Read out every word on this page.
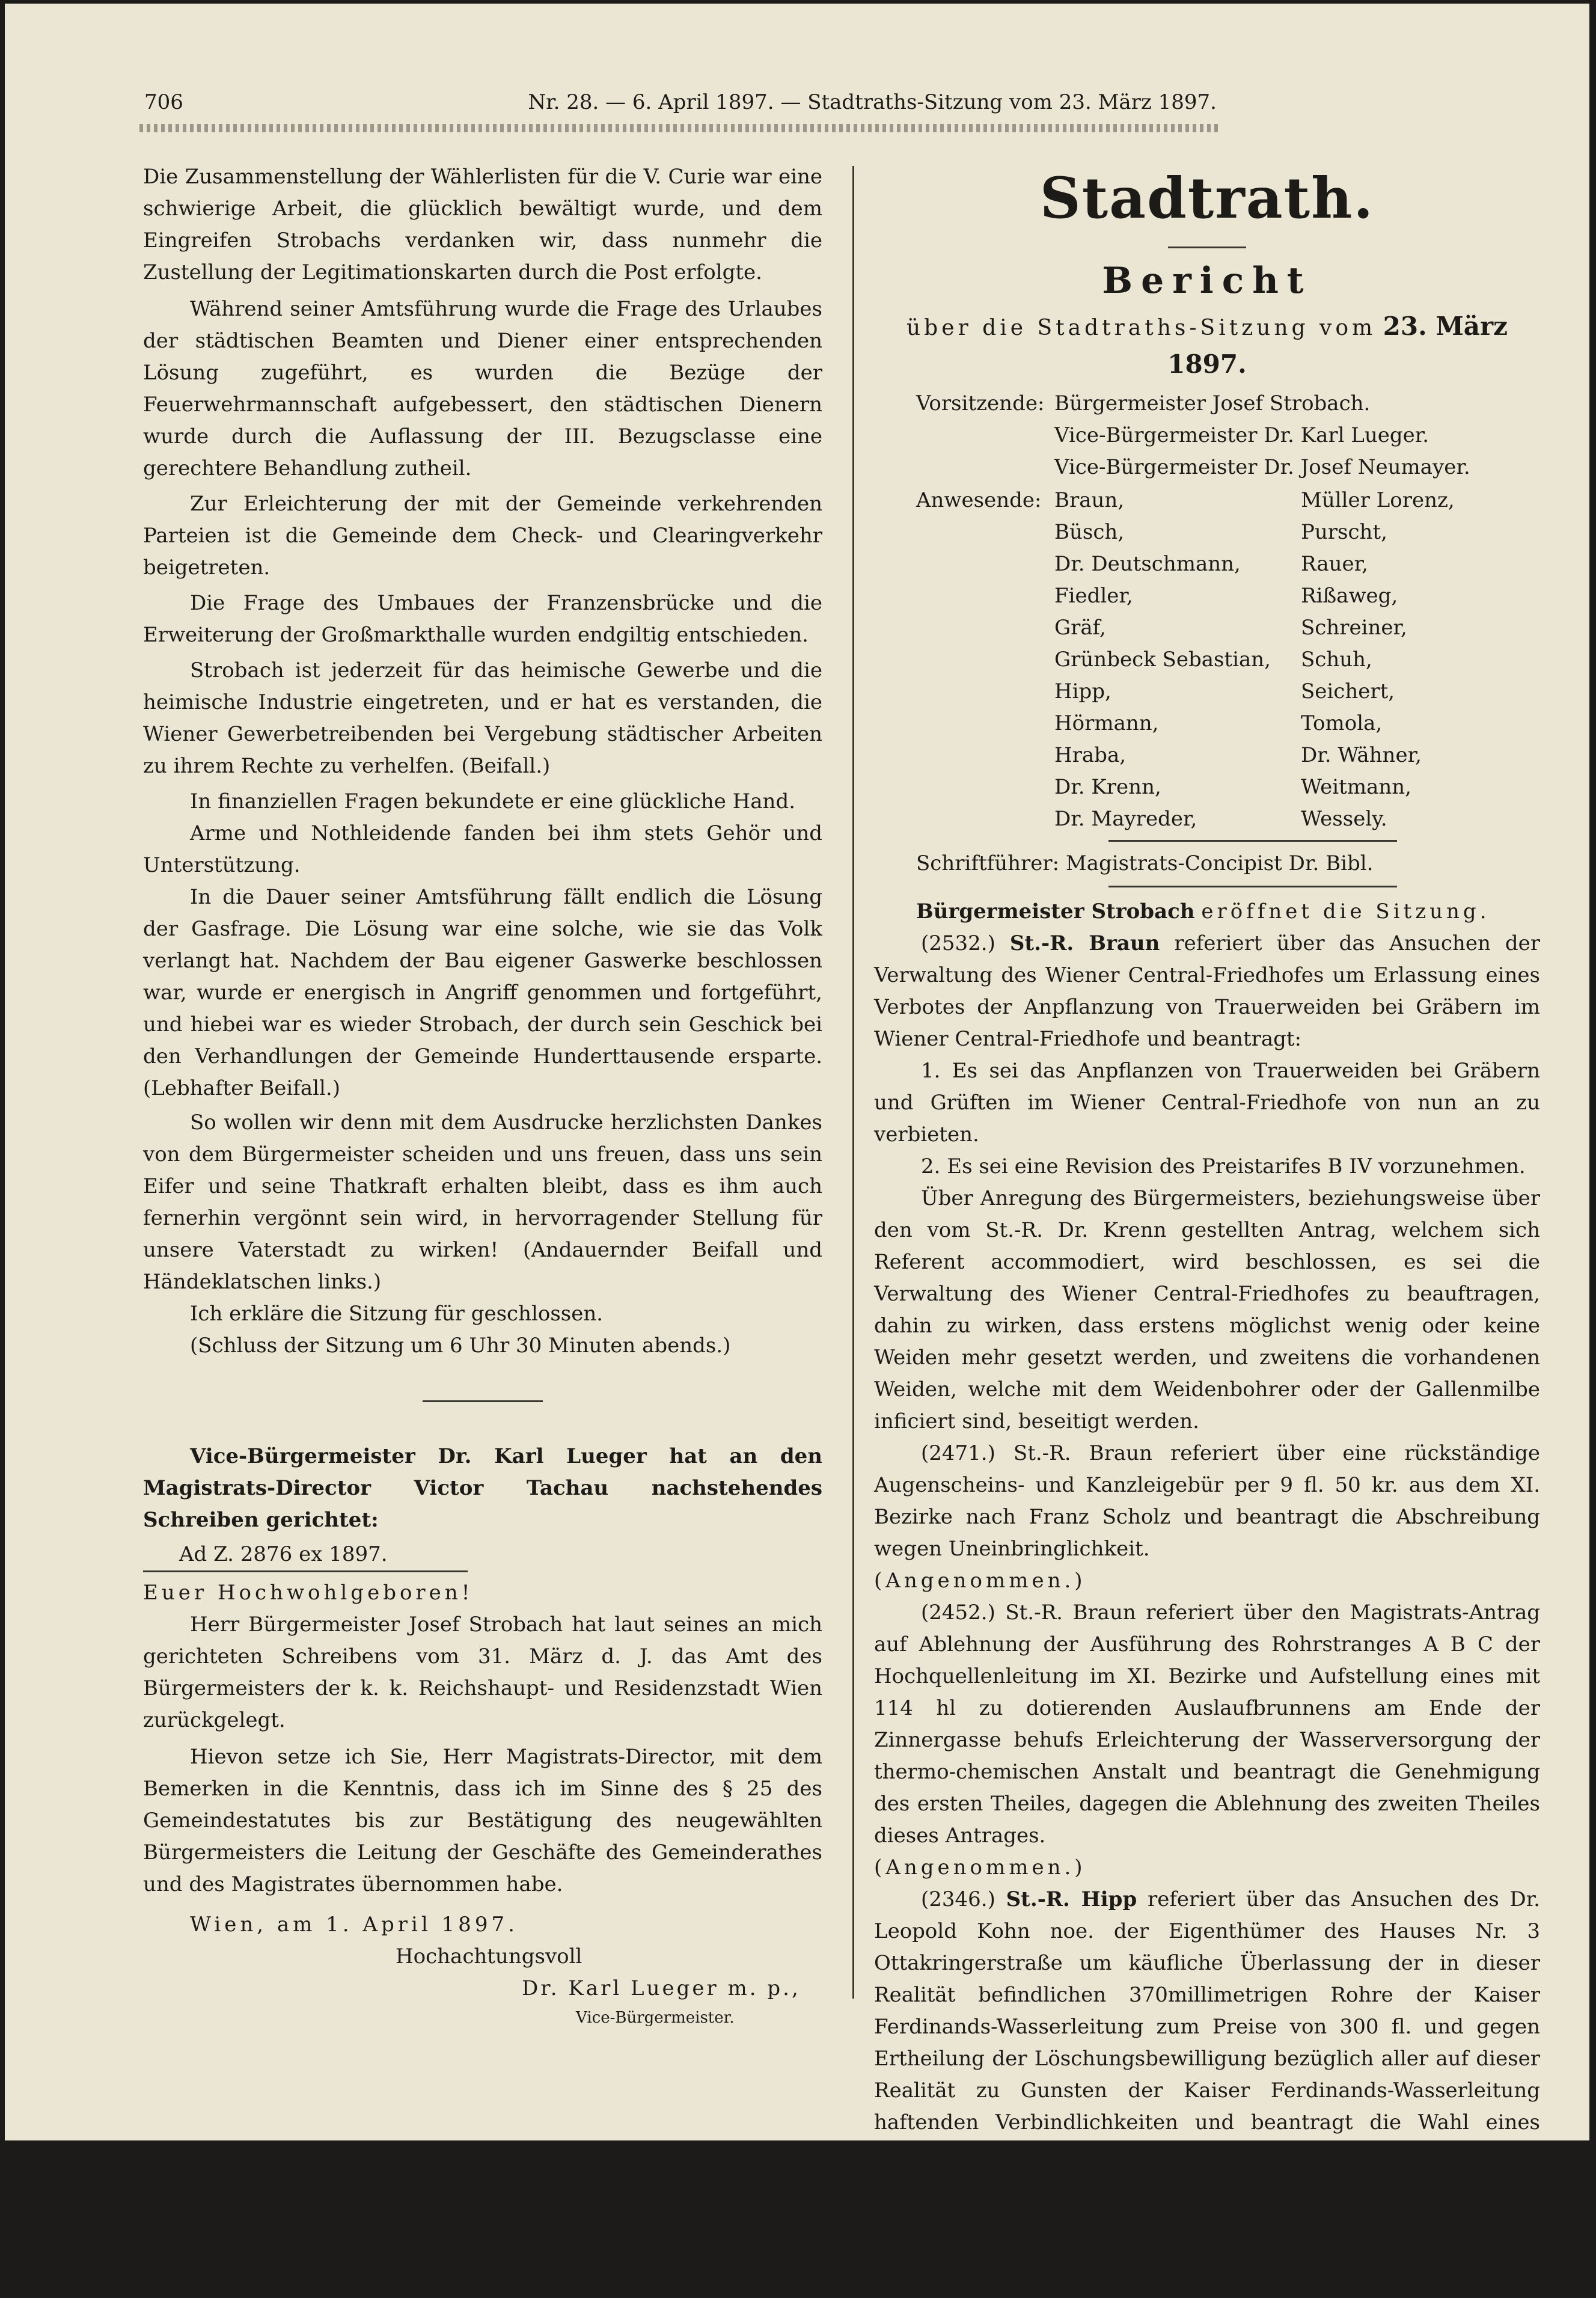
706	Nr. 28. — 6. April 1897. — Stadtraths-Sitzung vom 23. März 1897.

Die Zusammenstellung der Wählerlisten für die V. Curie war eine schwierige Arbeit, die glücklich bewältigt wurde, und dem Eingreifen Strobachs verdanken wir, dass nunmehr die Zustellung der Legitimationskarten durch die Post erfolgte.

Während seiner Amtsführung wurde die Frage des Urlaubes der städtischen Beamten und Diener einer entsprechenden Lösung zugeführt, es wurden die Bezüge der Feuerwehrmannschaft aufgebessert, den städtischen Dienern wurde durch die Auflassung der III. Bezugsclasse eine gerechtere Behandlung zutheil.

Zur Erleichterung der mit der Gemeinde verkehrenden Parteien ist die Gemeinde dem Check- und Clearingverkehr beigetreten.

Die Frage des Umbaues der Franzensbrücke und die Erweiterung der Großmarkthalle wurden endgiltig entschieden.

Strobach ist jederzeit für das heimische Gewerbe und die heimische Industrie eingetreten, und er hat es verstanden, die Wiener Gewerbetreibenden bei Vergebung städtischer Arbeiten zu ihrem Rechte zu verhelfen. (Beifall.)

In finanziellen Fragen bekundete er eine glückliche Hand.

Arme und Nothleidende fanden bei ihm stets Gehör und Unterstützung.

In die Dauer seiner Amtsführung fällt endlich die Lösung der Gasfrage. Die Lösung war eine solche, wie sie das Volk verlangt hat. Nachdem der Bau eigener Gaswerke beschlossen war, wurde er energisch in Angriff genommen und fortgeführt, und hiebei war es wieder Strobach, der durch sein Geschick bei den Verhandlungen der Gemeinde Hunderttausende ersparte. (Lebhafter Beifall.)

So wollen wir denn mit dem Ausdrucke herzlichsten Dankes von dem Bürgermeister scheiden und uns freuen, dass uns sein Eifer und seine Thatkraft erhalten bleibt, dass es ihm auch fernerhin vergönnt sein wird, in hervorragender Stellung für unsere Vaterstadt zu wirken! (Andauernder Beifall und Händeklatschen links.)

Ich erkläre die Sitzung für geschlossen.

(Schluss der Sitzung um 6 Uhr 30 Minuten abends.)

Vice-Bürgermeister Dr. Karl Lueger hat an den Magistrats-Director Victor Tachau nachstehendes Schreiben gerichtet:

Ad Z. 2876 ex 1897.

Euer Hochwohlgeboren!

Herr Bürgermeister Josef Strobach hat laut seines an mich gerichteten Schreibens vom 31. März d. J. das Amt des Bürgermeisters der k. k. Reichshaupt- und Residenzstadt Wien zurückgelegt.

Hievon setze ich Sie, Herr Magistrats-Director, mit dem Bemerken in die Kenntnis, dass ich im Sinne des § 25 des Gemeindestatutes bis zur Bestätigung des neugewählten Bürgermeisters die Leitung der Geschäfte des Gemeinderathes und des Magistrates übernommen habe.

Wien, am 1. April 1897.

Hochachtungsvoll

Dr. Karl Lueger m. p.,

Vice-Bürgermeister.

Stadtrath.
Bericht
über die Stadtraths-Sitzung vom 23. März 1897.
Vorsitzende: Bürgermeister Josef Strobach.
Vice-Bürgermeister Dr. Karl Lueger.
Vice-Bürgermeister Dr. Josef Neumayer.
Anwesende: Braun,
Büsch,
Dr. Deutschmann,
Fiedler,
Gräf,
Grünbeck Sebastian,
Hipp,
Hörmann,
Hraba,
Dr. Krenn,
Dr. Mayreder,
Müller Lorenz,
Purscht,
Rauer,
Rißaweg,
Schreiner,
Schuh,
Seichert,
Tomola,
Dr. Wähner,
Weitmann,
Wessely.

Schriftführer: Magistrats-Concipist Dr. Bibl.

Bürgermeister Strobach eröffnet die Sitzung.

(2532.) St.-R. Braun referiert über das Ansuchen der Verwaltung des Wiener Central-Friedhofes um Erlassung eines Verbotes der Anpflanzung von Trauerweiden bei Gräbern im Wiener Central-Friedhofe und beantragt:

1. Es sei das Anpflanzen von Trauerweiden bei Gräbern und Grüften im Wiener Central-Friedhofe von nun an zu verbieten.

2. Es sei eine Revision des Preistarifes B IV vorzunehmen.

Über Anregung des Bürgermeisters, beziehungsweise über den vom St.-R. Dr. Krenn gestellten Antrag, welchem sich Referent accommodiert, wird beschlossen, es sei die Verwaltung des Wiener Central-Friedhofes zu beauftragen, dahin zu wirken, dass erstens möglichst wenig oder keine Weiden mehr gesetzt werden, und zweitens die vorhandenen Weiden, welche mit dem Weidenbohrer oder der Gallenmilbe inficiert sind, beseitigt werden.

(2471.) St.-R. Braun referiert über eine rückständige Augenscheins- und Kanzleigebür per 9 fl. 50 kr. aus dem XI. Bezirke nach Franz Scholz und beantragt die Abschreibung wegen Uneinbringlichkeit.

(Angenommen.)

(2452.) St.-R. Braun referiert über den Magistrats-Antrag auf Ablehnung der Ausführung des Rohrstranges A B C der Hochquellenleitung im XI. Bezirke und Aufstellung eines mit 114 hl zu dotierenden Auslaufbrunnens am Ende der Zinnergasse behufs Erleichterung der Wasserversorgung der thermo-chemischen Anstalt und beantragt die Genehmigung des ersten Theiles, dagegen die Ablehnung des zweiten Theiles dieses Antrages.

(Angenommen.)

(2346.) St.-R. Hipp referiert über das Ansuchen des Dr. Leopold Kohn noe. der Eigenthümer des Hauses Nr. 3 Ottakringerstraße um käufliche Überlassung der in dieser Realität befindlichen 370millimetrigen Rohre der Kaiser Ferdinands-Wasserleitung zum Preise von 300 fl. und gegen Ertheilung der Löschungsbewilligung bezüglich aller auf dieser Realität zu Gunsten der Kaiser Ferdinands-Wasserleitung haftenden Verbindlichkeiten und beantragt die Wahl eines dreigliedrigen Verhandlungs-Comités.

(Angenommen.)

(2460.) St.-R. Hipp referiert über die Herstellung von Wasserleitungsrohrsträngen in der Thaliastraße, Maroldingergasse, Hasner-
